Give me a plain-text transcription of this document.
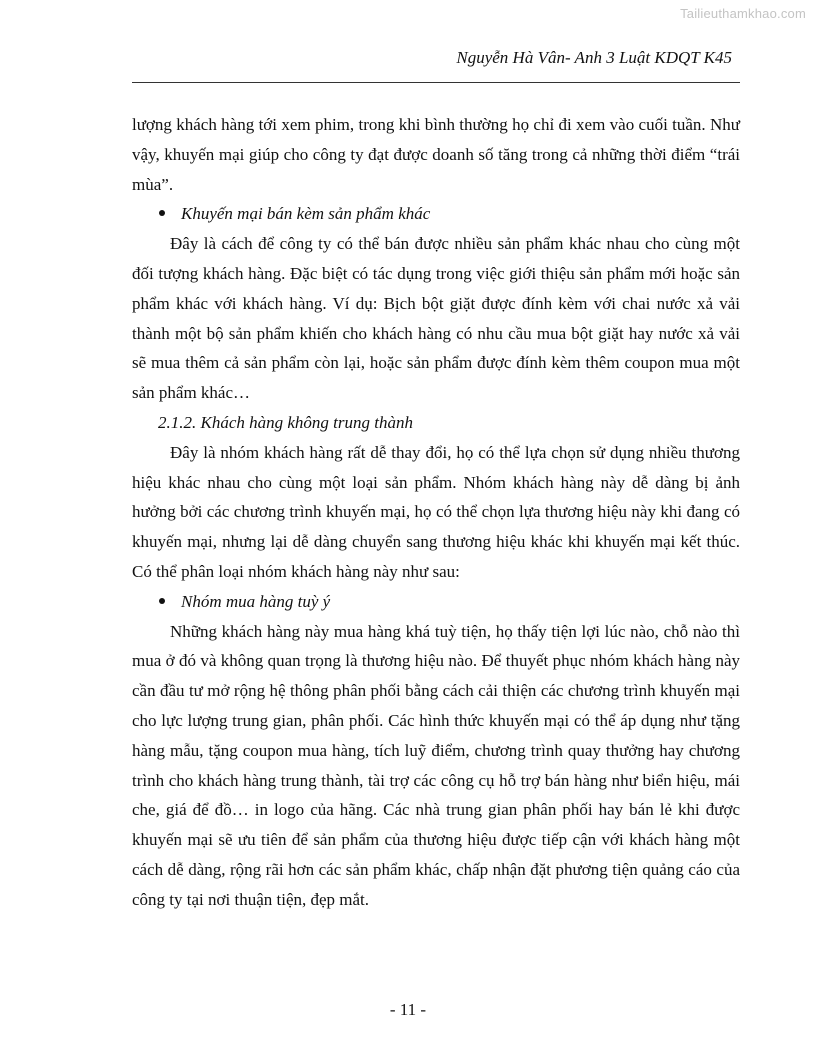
Tailieuthamkhao.com
Nguyễn Hà Vân- Anh 3 Luật KDQT K45

lượng khách hàng tới xem phim, trong khi bình thường họ chỉ đi xem vào cuối tuần. Như vậy, khuyến mại giúp cho công ty đạt được doanh số tăng trong cả những thời điểm “trái mùa”.

Khuyến mại bán kèm sản phẩm khác

Đây là cách để công ty có thể bán được nhiều sản phẩm khác nhau cho cùng một đối tượng khách hàng. Đặc biệt có tác dụng trong việc giới thiệu sản phẩm mới hoặc sản phẩm khác với khách hàng. Ví dụ: Bịch bột giặt được đính kèm với chai nước xả vải thành một bộ sản phẩm khiến cho khách hàng có nhu cầu mua bột giặt hay nước xả vải sẽ mua thêm cả sản phẩm còn lại, hoặc sản phẩm được đính kèm thêm coupon mua một sản phẩm khác…

2.1.2. Khách hàng không trung thành

Đây là nhóm khách hàng rất dễ thay đổi, họ có thể lựa chọn sử dụng nhiều thương hiệu khác nhau cho cùng một loại sản phẩm. Nhóm khách hàng này dễ dàng bị ảnh hưởng bởi các chương trình khuyến mại, họ có thể chọn lựa thương hiệu này khi đang có khuyến mại, nhưng lại dễ dàng chuyển sang thương hiệu khác khi khuyến mại kết thúc. Có thể phân loại nhóm khách hàng này như sau:

Nhóm mua hàng tuỳ ý

Những khách hàng này mua hàng khá tuỳ tiện, họ thấy tiện lợi lúc nào, chỗ nào thì mua ở đó và không quan trọng là thương hiệu nào. Để thuyết phục nhóm khách hàng này cần đầu tư mở rộng hệ thông phân phối bằng cách cải thiện các chương trình khuyến mại cho lực lượng trung gian, phân phối. Các hình thức khuyến mại có thể áp dụng như tặng hàng mẫu, tặng coupon mua hàng, tích luỹ điểm, chương trình quay thưởng hay chương trình cho khách hàng trung thành, tài trợ các công cụ hỗ trợ bán hàng như biển hiệu, mái che, giá để đồ… in logo của hãng. Các nhà trung gian phân phối hay bán lẻ khi được khuyến mại sẽ ưu tiên để sản phẩm của thương hiệu được tiếp cận với khách hàng một cách dễ dàng, rộng rãi hơn các sản phẩm khác, chấp nhận đặt phương tiện quảng cáo của công ty tại nơi thuận tiện, đẹp mắt.

- 11 -
